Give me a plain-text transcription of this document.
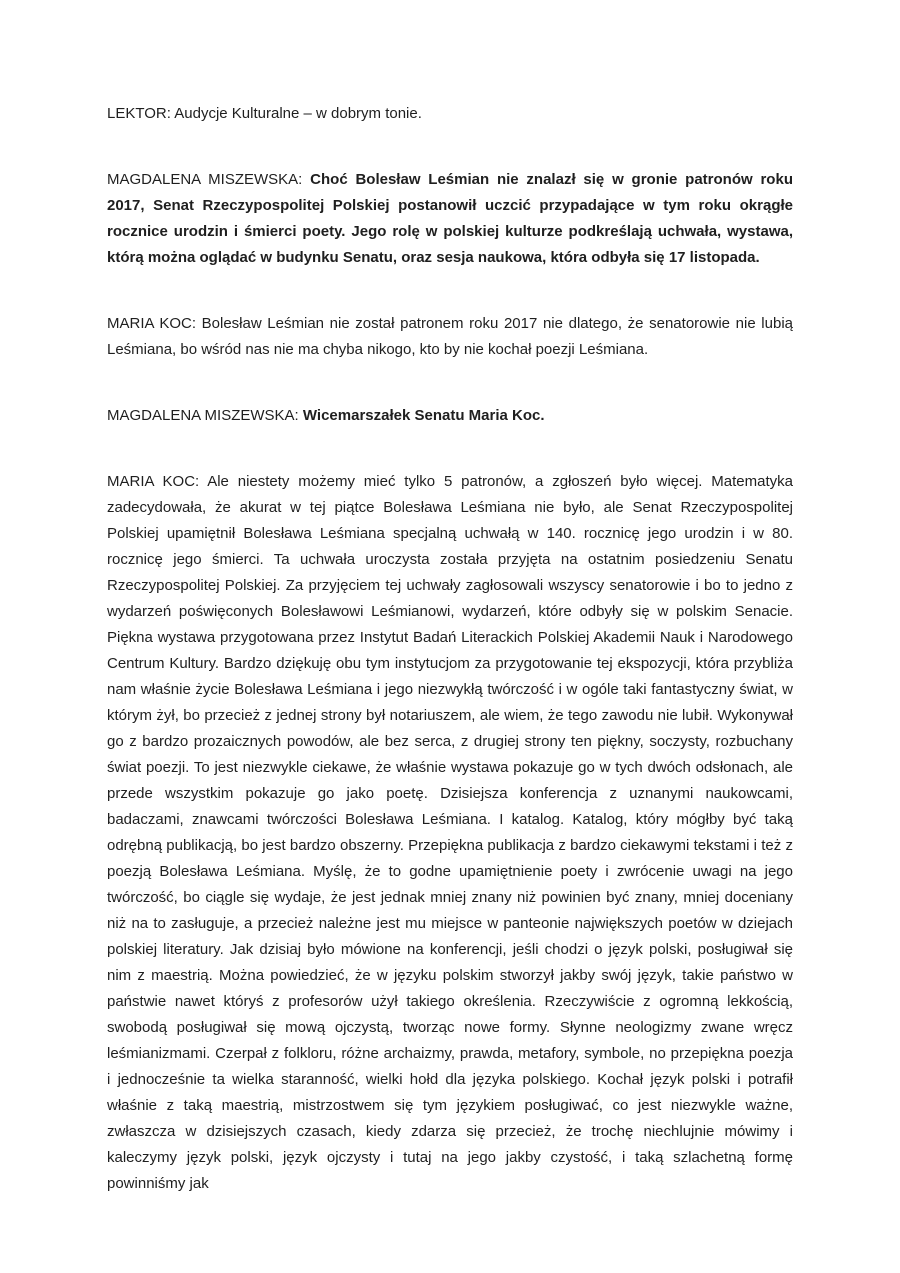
LEKTOR: Audycje Kulturalne – w dobrym tonie.

MAGDALENA MISZEWSKA: Choć Bolesław Leśmian nie znalazł się w gronie patronów roku 2017, Senat Rzeczypospolitej Polskiej postanowił uczcić przypadające w tym roku okrągłe rocznice urodzin i śmierci poety. Jego rolę w polskiej kulturze podkreślają uchwała, wystawa, którą można oglądać w budynku Senatu, oraz sesja naukowa, która odbyła się 17 listopada.

MARIA KOC: Bolesław Leśmian nie został patronem roku 2017 nie dlatego, że senatorowie nie lubią Leśmiana, bo wśród nas nie ma chyba nikogo, kto by nie kochał poezji Leśmiana.

MAGDALENA MISZEWSKA: Wicemarszałek Senatu Maria Koc.

MARIA KOC: Ale niestety możemy mieć tylko 5 patronów, a zgłoszeń było więcej. Matematyka zadecydowała, że akurat w tej piątce Bolesława Leśmiana nie było, ale Senat Rzeczypospolitej Polskiej upamiętnił Bolesława Leśmiana specjalną uchwałą w 140. rocznicę jego urodzin i w 80. rocznicę jego śmierci. Ta uchwała uroczysta została przyjęta na ostatnim posiedzeniu Senatu Rzeczypospolitej Polskiej. Za przyjęciem tej uchwały zagłosowali wszyscy senatorowie i bo to jedno z wydarzeń poświęconych Bolesławowi Leśmianowi, wydarzeń, które odbyły się w polskim Senacie. Piękna wystawa przygotowana przez Instytut Badań Literackich Polskiej Akademii Nauk i Narodowego Centrum Kultury. Bardzo dziękuję obu tym instytucjom za przygotowanie tej ekspozycji, która przybliża nam właśnie życie Bolesława Leśmiana i jego niezwykłą twórczość i w ogóle taki fantastyczny świat, w którym żył, bo przecież z jednej strony był notariuszem, ale wiem, że tego zawodu nie lubił. Wykonywał go z bardzo prozaicznych powodów, ale bez serca, z drugiej strony ten piękny, soczysty, rozbuchany świat poezji. To jest niezwykle ciekawe, że właśnie wystawa pokazuje go w tych dwóch odsłonach, ale przede wszystkim pokazuje go jako poetę. Dzisiejsza konferencja z uznanymi naukowcami, badaczami, znawcami twórczości Bolesława Leśmiana. I katalog. Katalog, który mógłby być taką odrębną publikacją, bo jest bardzo obszerny. Przepiękna publikacja z bardzo ciekawymi tekstami i też z poezją Bolesława Leśmiana. Myślę, że to godne upamiętnienie poety i zwrócenie uwagi na jego twórczość, bo ciągle się wydaje, że jest jednak mniej znany niż powinien być znany, mniej doceniany niż na to zasługuje, a przecież należne jest mu miejsce w panteonie największych poetów w dziejach polskiej literatury. Jak dzisiaj było mówione na konferencji, jeśli chodzi o język polski, posługiwał się nim z maestrią. Można powiedzieć, że w języku polskim stworzył jakby swój język, takie państwo w państwie nawet któryś z profesorów użył takiego określenia. Rzeczywiście z ogromną lekkością, swobodą posługiwał się mową ojczystą, tworząc nowe formy. Słynne neologizmy zwane wręcz leśmianizmami. Czerpał z folkloru, różne archaizmy, prawda, metafory, symbole, no przepiękna poezja i jednocześnie ta wielka staranność, wielki hołd dla języka polskiego. Kochał język polski i potrafił właśnie z taką maestrią, mistrzostwem się tym językiem posługiwać, co jest niezwykle ważne, zwłaszcza w dzisiejszych czasach, kiedy zdarza się przecież, że trochę niechlujnie mówimy i kaleczymy język polski, język ojczysty i tutaj na jego jakby czystość, i taką szlachetną formę powinniśmy jak
